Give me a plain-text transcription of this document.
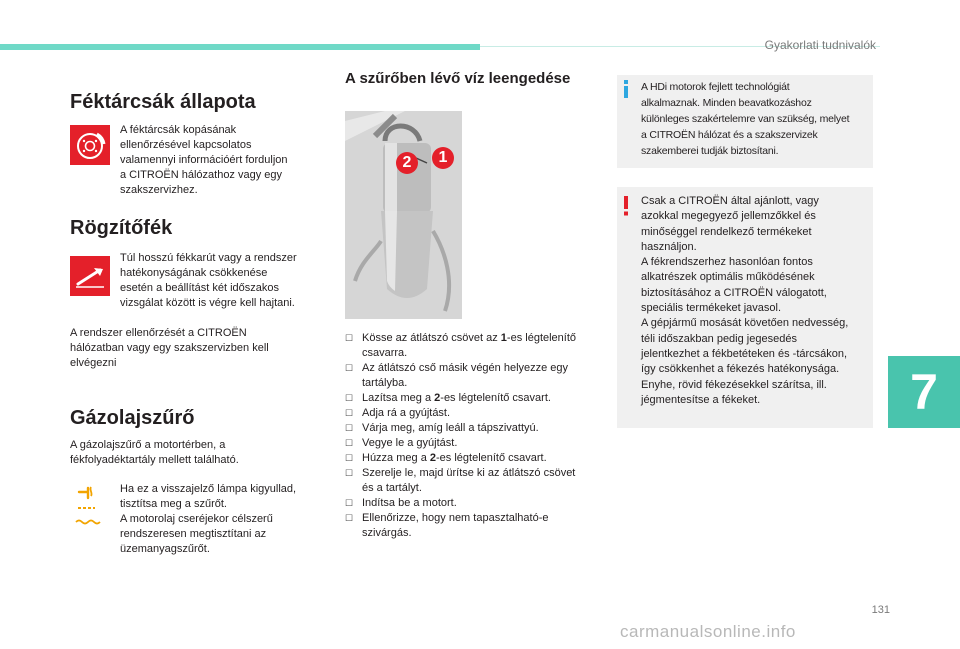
Gyakorlati tudnivalók
Féktárcsák állapota
A féktárcsák kopásának
ellenőrzésével kapcsolatos
valamennyi információért forduljon
a CITROËN hálózathoz vagy egy
szakszervizhez.
Rögzítőfék
Túl hosszú fékkarút vagy a rendszer
hatékonyságának csökkenése
esetén a beállítást két időszakos
vizsgálat között is végre kell hajtani.
A rendszer ellenőrzését a CITROËN
hálózatban vagy egy szakszervizben kell
elvégezni
Gázolajszűrő
A gázolajszűrő a motortérben, a
fékfolyadéktartály mellett található.
Ha ez a visszajelző lámpa kigyullad,
tisztítsa meg a szűrőt.
A motorolaj cseréjekor célszerű
rendszeresen megtisztítani az
üzemanyagszűrőt.
A szűrőben lévő víz leengedése
2	1
☐ Kösse az átlátszó csövet az 1-es légtelenítő
csavarra.
☐ Az átlátszó cső másik végén helyezze egy
tartályba.
☐ Lazítsa meg a 2-es légtelenítő csavart.
☐ Adja rá a gyújtást.
☐ Várja meg, amíg leáll a tápszivattyú.
☐ Vegye le a gyújtást.
☐ Húzza meg a 2-es légtelenítő csavart.
☐ Szerelje le, majd ürítse ki az átlátszó csövet
és a tartályt.
☐ Indítsa be a motort.
☐ Ellenőrizze, hogy nem tapasztalható-e
szivárgás.
A HDi motorok fejlett technológiát
alkalmaznak. Minden beavatkozáshoz
különleges szakértelemre van szükség, melyet
a CITROËN hálózat és a szakszervizek
szakemberei tudják biztosítani.
Csak a CITROËN által ajánlott, vagy
azokkal megegyező jellemzőkkel és
minőséggel rendelkező termékeket
használjon.
A fékrendszerhez hasonlóan fontos
alkatrészek optimális működésének
biztosításához a CITROËN válogatott,
speciális termékeket javasol.
A gépjármű mosását követően nedvesség,
téli időszakban pedig jegesedés
jelentkezhet a fékbetéteken és -tárcsákon,
így csökkenhet a fékezés hatékonysága.
Enyhe, rövid fékezésekkel szárítsa, ill.
jégmentesítse a fékeket.	7
131
carmanualsonline.info
